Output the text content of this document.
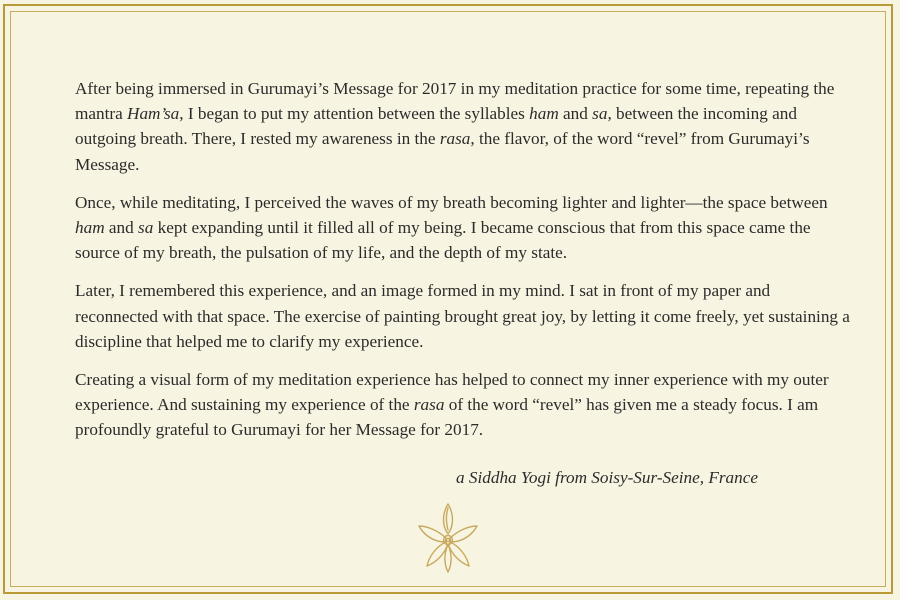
After being immersed in Gurumayi’s Message for 2017 in my meditation practice for some time, repeating the mantra Ham’sa, I began to put my attention between the syllables ham and sa, between the incoming and outgoing breath. There, I rested my awareness in the rasa, the flavor, of the word “revel” from Gurumayi’s Message.

Once, while meditating, I perceived the waves of my breath becoming lighter and lighter—the space between ham and sa kept expanding until it filled all of my being. I became conscious that from this space came the source of my breath, the pulsation of my life, and the depth of my state.

Later, I remembered this experience, and an image formed in my mind. I sat in front of my paper and reconnected with that space. The exercise of painting brought great joy, by letting it come freely, yet sustaining a discipline that helped me to clarify my experience.

Creating a visual form of my meditation experience has helped to connect my inner experience with my outer experience. And sustaining my experience of the rasa of the word “revel” has given me a steady focus. I am profoundly grateful to Gurumayi for her Message for 2017.

a Siddha Yogi from Soisy-Sur-Seine, France
